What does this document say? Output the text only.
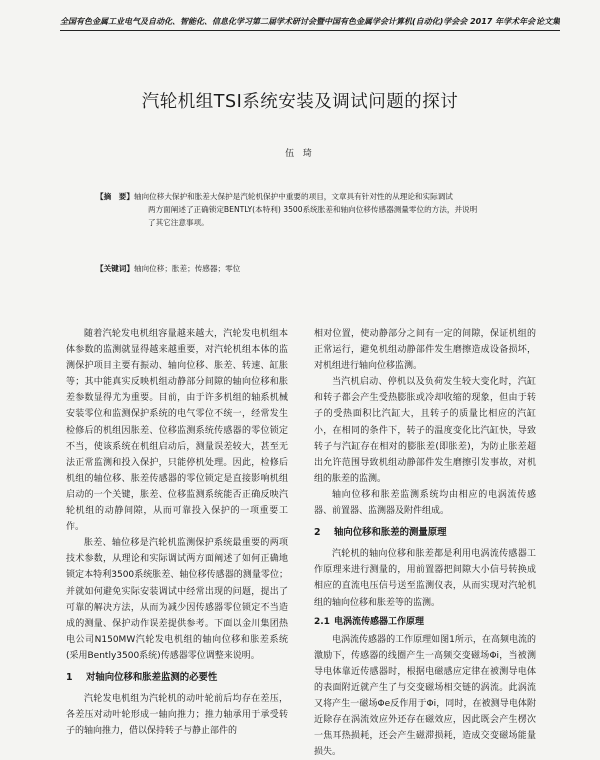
全国有色金属工业电气及自动化、智能化、信息化学习第二届学术研讨会暨中国有色金属学会计算机(自动化)学会会 2017 年学术年会 论文集
汽轮机组TSI系统安装及调试问题的探讨
伍 琦
【摘　要】轴向位移大保护和胀差大保护是汽轮机保护中重要的项目，文章具有针对性的从理论和实际调试
两方面阐述了正确锁定BENTLY(本特利) 3500系统胀差和轴向位移传感器测量零位的方法，并说明
了其它注意事项。
【关键词】轴向位移；胀差；传感器；零位

随着汽轮发电机组容量越来越大，汽轮发电机组本体参数的监测就显得越来越重要，对汽轮机组本体的监测保护项目主要有振动、轴向位移、胀差、转速、缸胀等；其中能真实反映机组动静部分间隙的轴向位移和胀差参数显得尤为重要。目前，由于许多机组的轴系机械安装零位和监测保护系统的电气零位不统一，经常发生检修后的机组因胀差、位移监测系统传感器的零位锁定不当，使该系统在机组启动后，测量误差较大，甚至无法正常监测和投入保护，只能停机处理。因此，检修后机组的轴位移、胀差传感器的零位锁定是直接影响机组启动的一个关键，胀差、位移监测系统能否正确反映汽轮机组的动静间隙，从而可靠投入保护的一项重要工作。

胀差、轴位移是汽轮机监测保护系统最重要的两项技术参数，从理论和实际调试两方面阐述了如何正确地锁定本特利3500系统胀差、轴位移传感器的测量零位；并就如何避免实际安装调试中经常出现的问题，提出了可靠的解决方法，从而为减少因传感器零位锁定不当造成的测量、保护动作误差提供参考。下面以金川集团热电公司N150MW汽轮发电机组的轴向位移和胀差系统(采用Bently3500系统)传感器零位调整来说明。

1 对轴向位移和胀差监测的必要性

汽轮发电机组为汽轮机的动叶轮前后均存在差压，各差压对动叶轮形成一轴向推力；推力轴承用于承受转子的轴向推力，借以保持转子与静止部件的

相对位置，使动静部分之间有一定的间隙，保证机组的正常运行，避免机组动静部件发生磨擦造成设备损坏，对机组进行轴向位移监测。

当汽机启动、停机以及负荷发生较大变化时，汽缸和转子都会产生受热膨胀或冷却收缩的现象，但由于转子的受热面积比汽缸大，且转子的质量比相应的汽缸小，在相同的条件下，转子的温度变化比汽缸快，导致转子与汽缸存在相对的膨胀差(即胀差)，为防止胀差超出允许范围导致机组动静部件发生磨擦引发事故，对机组的胀差的监测。

轴向位移和胀差监测系统均由相应的电涡流传感器、前置器、监测器及附件组成。

2 轴向位移和胀差的测量原理

汽轮机的轴向位移和胀差都是利用电涡流传感器工作原理来进行测量的，用前置器把间隙大小信号转换成相应的直流电压信号送至监测仪表，从而实现对汽轮机组的轴向位移和胀差等的监测。

2.1 电涡流传感器工作原理

电涡流传感器的工作原理如图1所示，在高频电流的激励下，传感器的线圈产生一高频交变磁场Φi，当被测导电体靠近传感器时，根据电磁感应定律在被测导电体的表面附近就产生了与交变磁场相交链的涡流。此涡流又将产生一磁场Φe反作用于Φi，同时，在被测导电体附近除存在涡流效应外还存在磁效应，因此既会产生楞次一焦耳热损耗，还会产生磁滞损耗，造成交变磁场能量损失。
